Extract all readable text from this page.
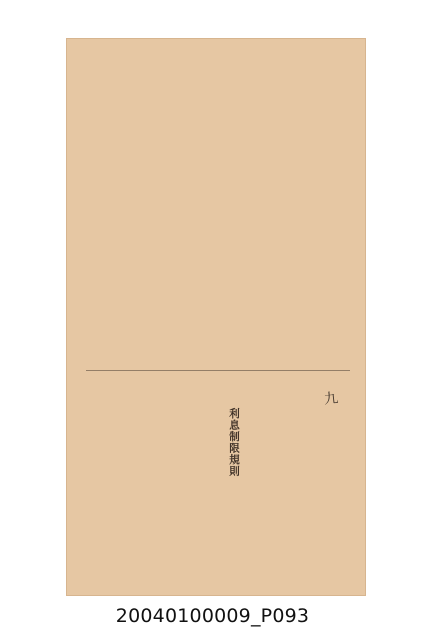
九
利息制限規則
20040100009_P093
